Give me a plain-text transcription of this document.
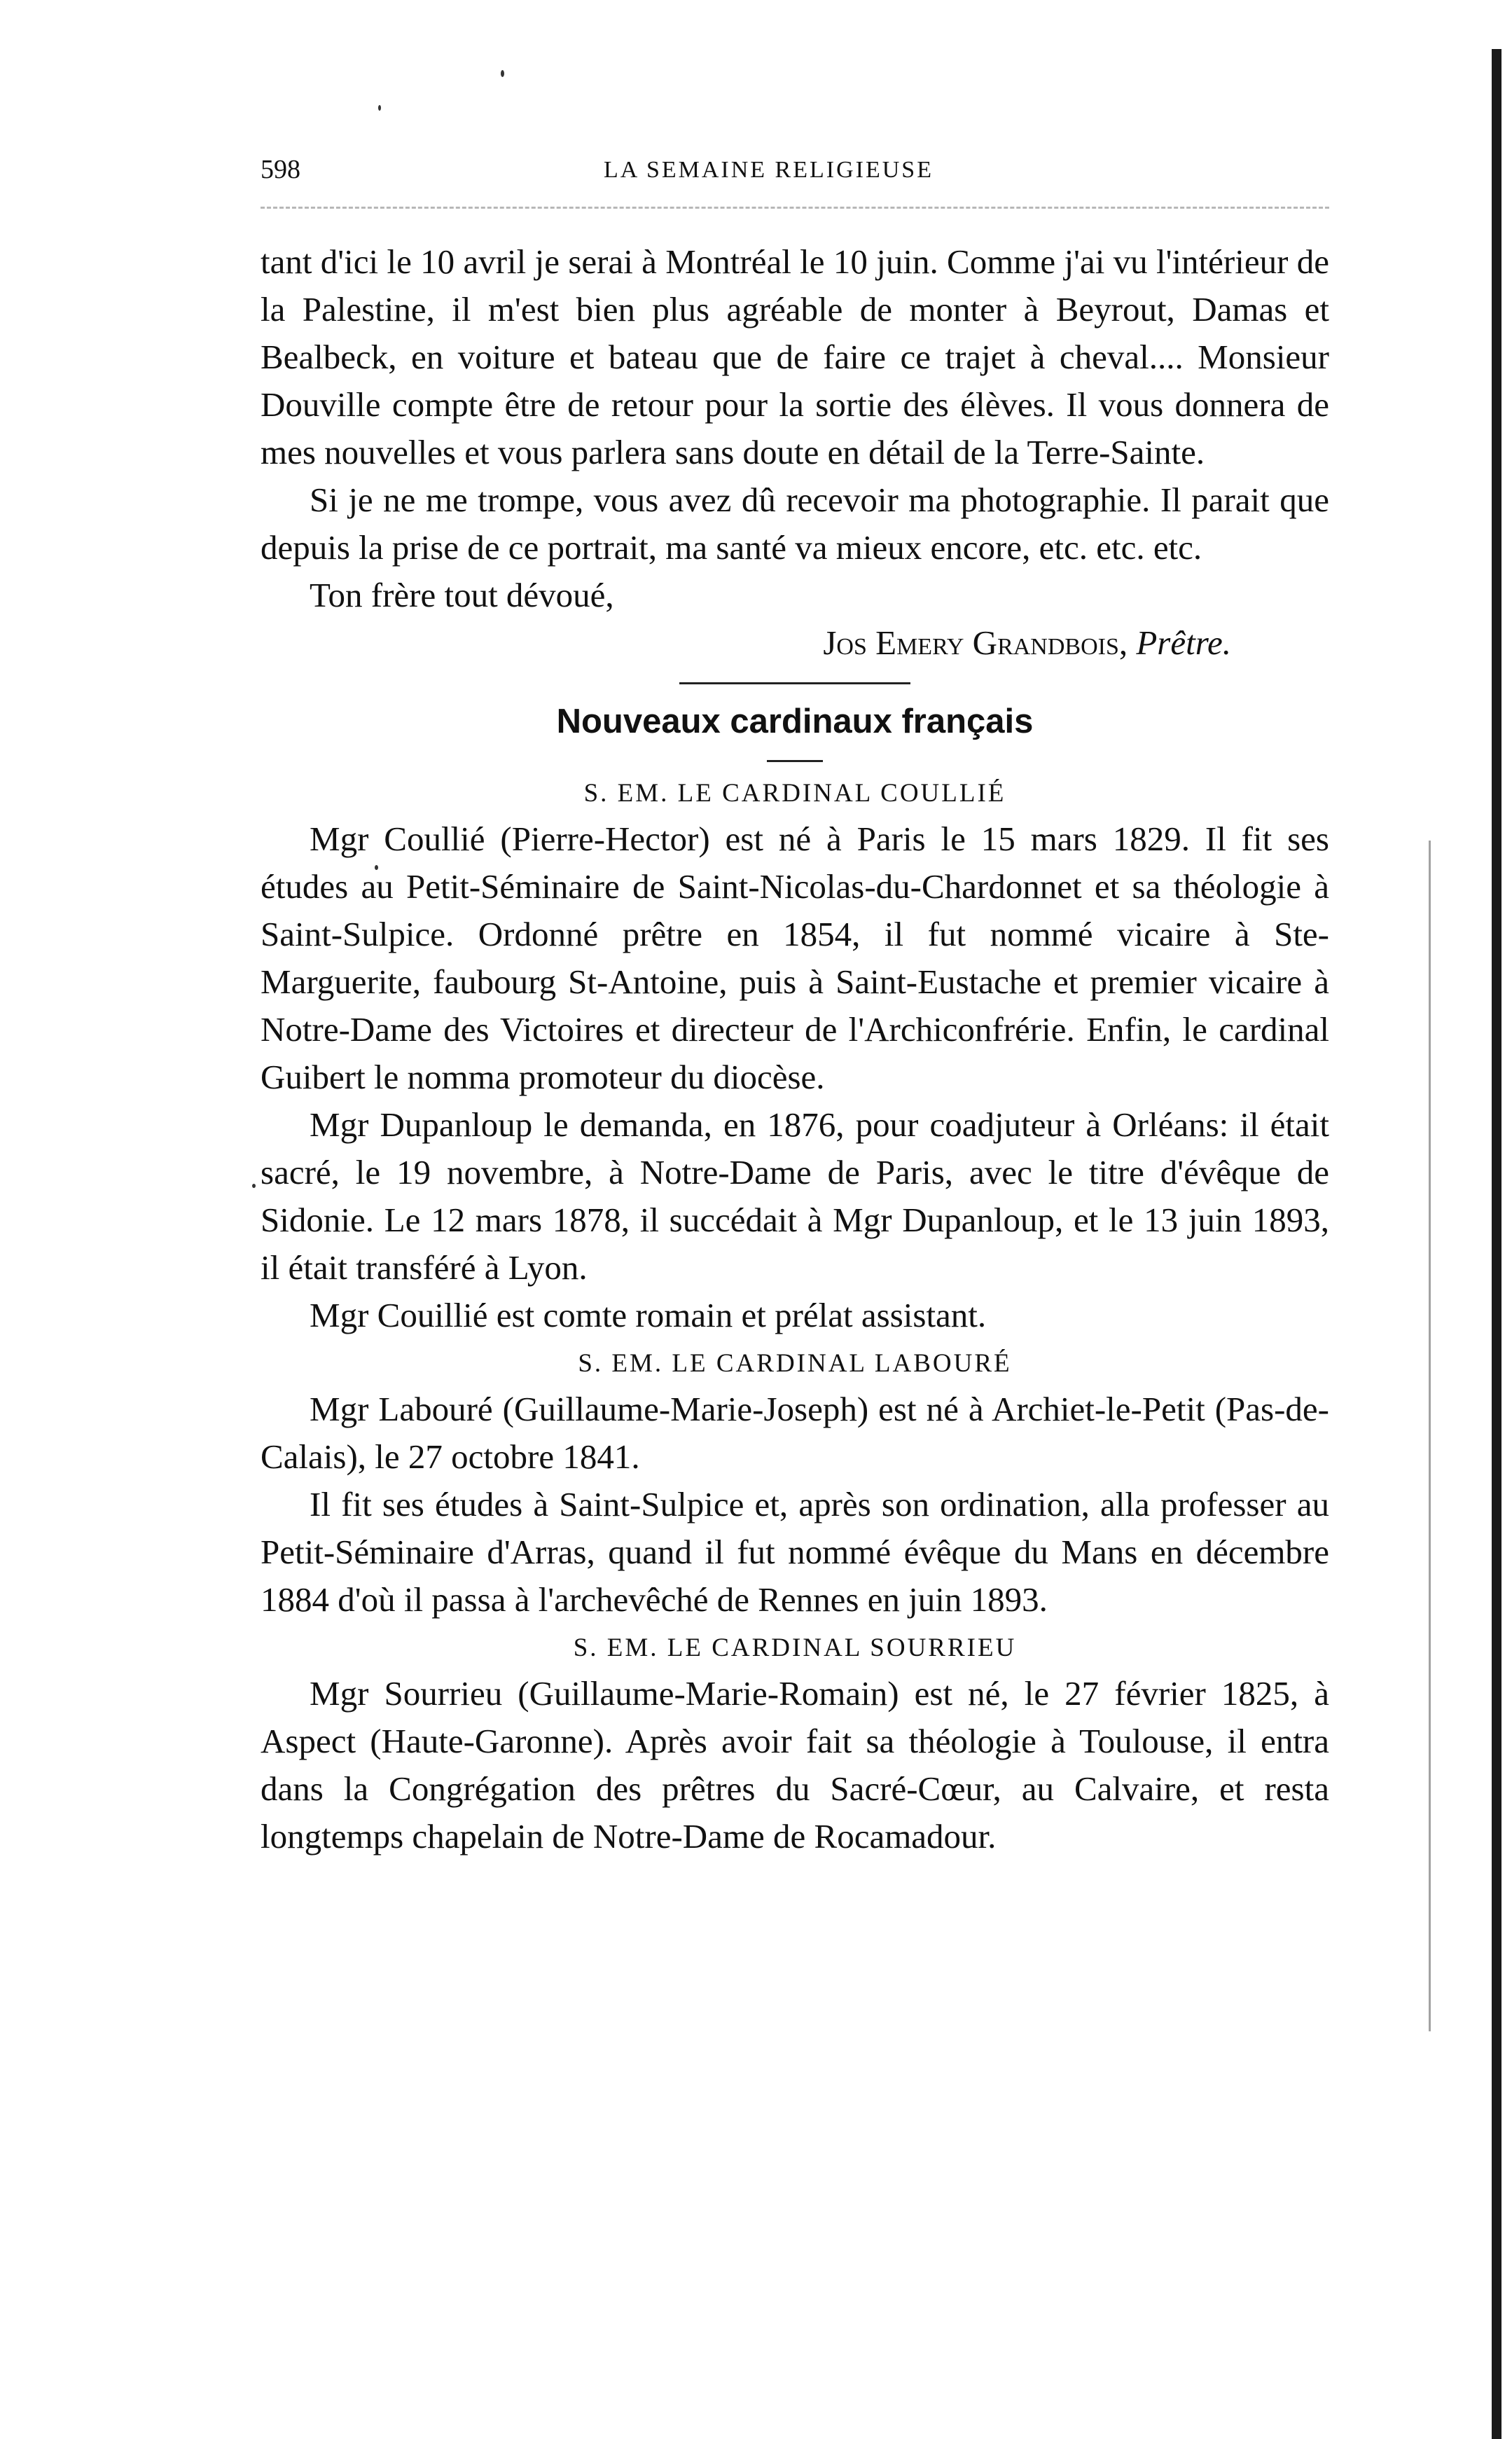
598	LA SEMAINE RELIGIEUSE

tant d'ici le 10 avril je serai à Montréal le 10 juin. Comme j'ai vu l'intérieur de la Palestine, il m'est bien plus agréable de monter à Beyrout, Damas et Bealbeck, en voiture et bateau que de faire ce trajet à cheval.... Monsieur Douville compte être de retour pour la sortie des élèves. Il vous donnera de mes nouvelles et vous parlera sans doute en détail de la Terre-Sainte.

Si je ne me trompe, vous avez dû recevoir ma photographie. Il parait que depuis la prise de ce portrait, ma santé va mieux encore, etc. etc. etc.

Ton frère tout dévoué,
Jos Emery Grandbois, Prêtre.
Nouveaux cardinaux français
S. EM. LE CARDINAL COULLIÉ

Mgr Coullié (Pierre-Hector) est né à Paris le 15 mars 1829. Il fit ses études au Petit-Séminaire de Saint-Nicolas-du-Chardonnet et sa théologie à Saint-Sulpice. Ordonné prêtre en 1854, il fut nommé vicaire à Ste-Marguerite, faubourg St-Antoine, puis à Saint-Eustache et premier vicaire à Notre-Dame des Victoires et directeur de l'Archiconfrérie. Enfin, le cardinal Guibert le nomma promoteur du diocèse.

Mgr Dupanloup le demanda, en 1876, pour coadjuteur à Orléans: il était sacré, le 19 novembre, à Notre-Dame de Paris, avec le titre d'évêque de Sidonie. Le 12 mars 1878, il succédait à Mgr Dupanloup, et le 13 juin 1893, il était transféré à Lyon.

Mgr Couillié est comte romain et prélat assistant.

S. EM. LE CARDINAL LABOURÉ

Mgr Labouré (Guillaume-Marie-Joseph) est né à Archiet-le-Petit (Pas-de-Calais), le 27 octobre 1841.

Il fit ses études à Saint-Sulpice et, après son ordination, alla professer au Petit-Séminaire d'Arras, quand il fut nommé évêque du Mans en décembre 1884 d'où il passa à l'archevêché de Rennes en juin 1893.

S. EM. LE CARDINAL SOURRIEU

Mgr Sourrieu (Guillaume-Marie-Romain) est né, le 27 février 1825, à Aspect (Haute-Garonne). Après avoir fait sa théologie à Toulouse, il entra dans la Congrégation des prêtres du Sacré-Cœur, au Calvaire, et resta longtemps chapelain de Notre-Dame de Rocamadour.
